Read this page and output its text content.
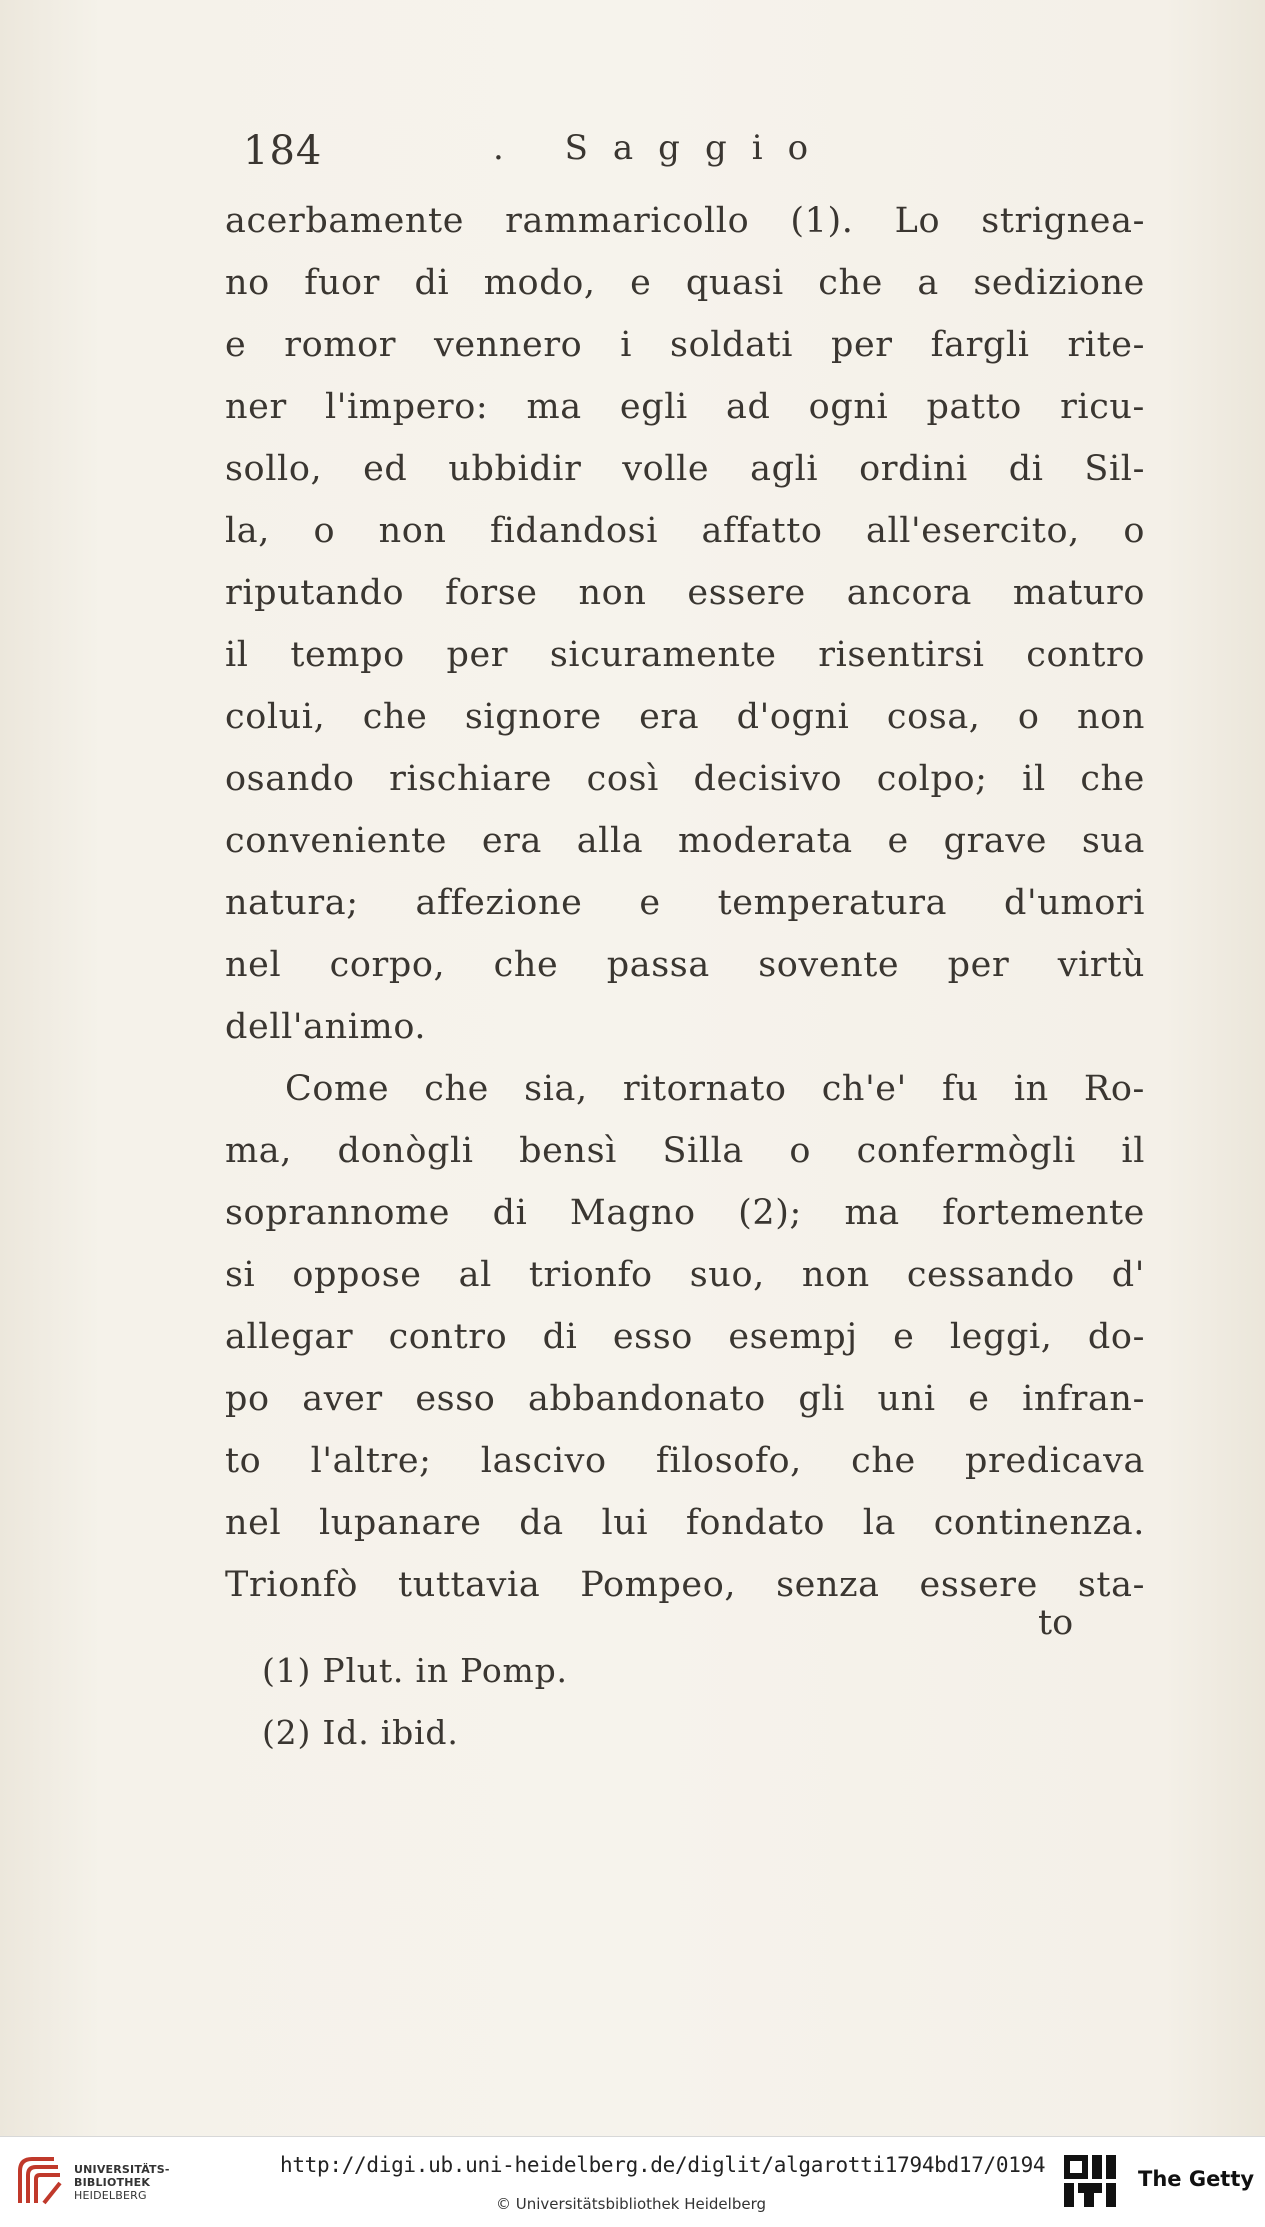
184	. Saggio
acerbamente rammaricollo (1). Lo strignea-
no fuor di modo, e quasi che a sedizione
e romor vennero i soldati per fargli rite-
ner l'impero: ma egli ad ogni patto ricu-
sollo, ed ubbidir volle agli ordini di Sil-
la, o non fidandosi affatto all'esercito, o
riputando forse non essere ancora maturo
il tempo per sicuramente risentirsi contro
colui, che signore era d'ogni cosa, o non
osando rischiare così decisivo colpo; il che
conveniente era alla moderata e grave sua
natura; affezione e temperatura d'umori
nel corpo, che passa sovente per virtù
dell'animo.
Come che sia, ritornato ch'e' fu in Ro-
ma, donògli bensì Silla o confermògli il
soprannome di Magno (2); ma fortemente
si oppose al trionfo suo, non cessando d'
allegar contro di esso esempj e leggi, do-
po aver esso abbandonato gli uni e infran-
to l'altre; lascivo filosofo, che predicava
nel lupanare da lui fondato la continenza.
Trionfò tuttavia Pompeo, senza essere sta-
to
(1) Plut. in Pomp.
(2) Id. ibid.
UNIVERSITÄTS-
BIBLIOTHEK
HEIDELBERG
http://digi.ub.uni-heidelberg.de/diglit/algarotti1794bd17/0194
© Universitätsbibliothek Heidelberg
The Getty
